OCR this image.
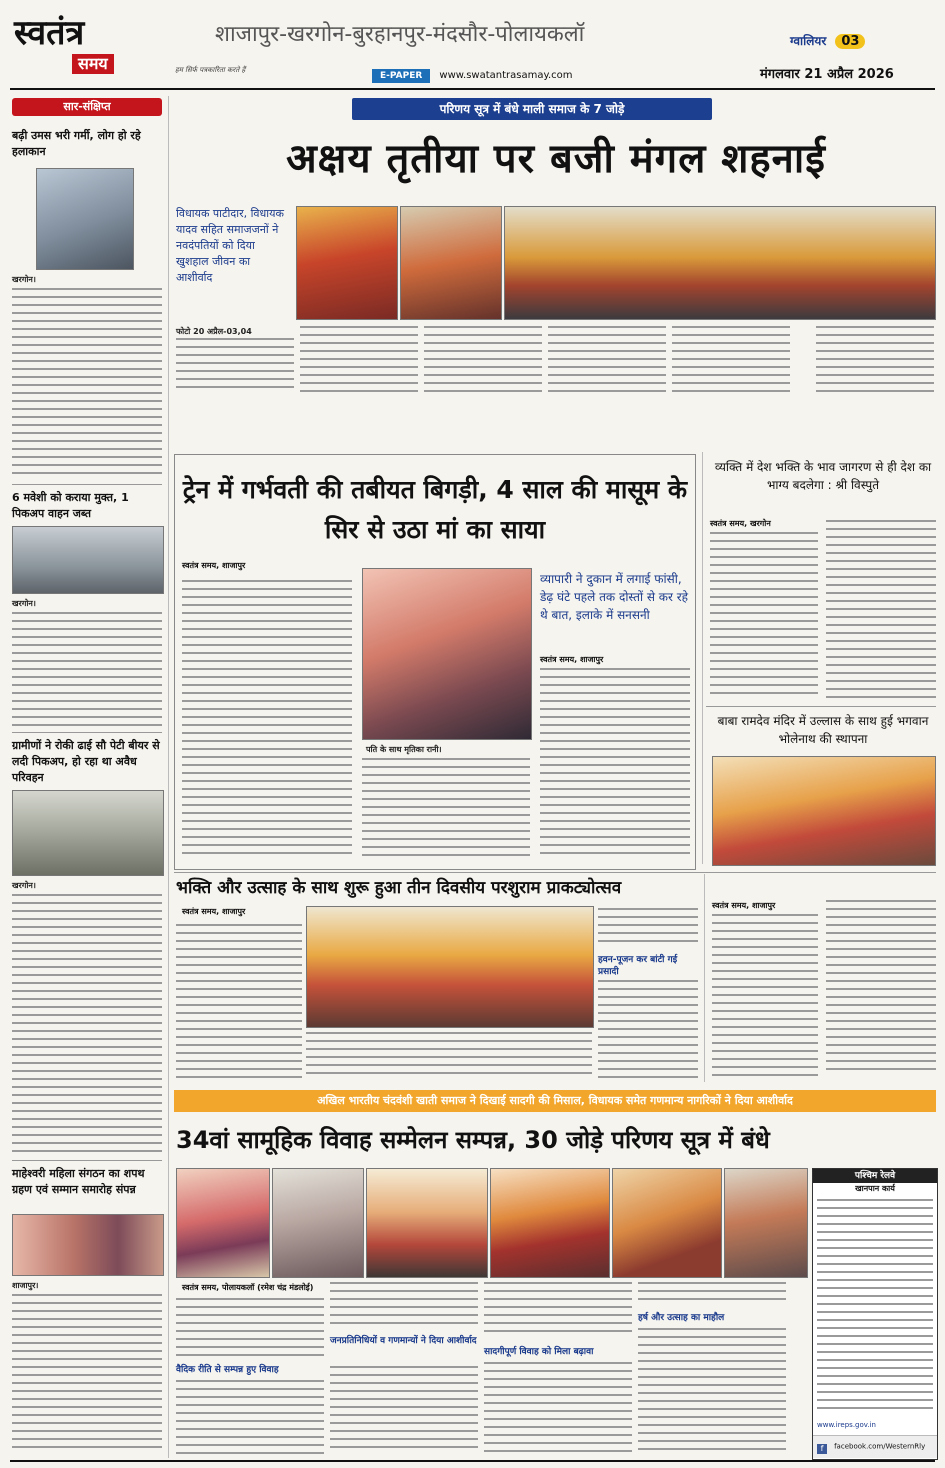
स्वतंत्र
समय	हम सिर्फ पत्रकारिता करते हैं
शाजापुर-खरगोन-बुरहानपुर-मंदसौर-पोलायकलॉ
E-PAPER www.swatantrasamay.com
ग्वालियर 03
मंगलवार 21 अप्रैल 2026
सार-संक्षिप्त
बढ़ी उमस भरी गर्मी, लोग हो रहे हलाकान
खरगोन।
6 मवेशी को कराया मुक्त, 1 पिकअप वाहन जब्त
खरगोन।
ग्रामीणों ने रोकी ढाई सौ पेटी बीयर से लदी पिकअप, हो रहा था अवैध परिवहन
खरगोन।
माहेश्वरी महिला संगठन का शपथ ग्रहण एवं सम्मान समारोह संपन्न
शाजापुर।
परिणय सूत्र में बंधे माली समाज के 7 जोड़े
अक्षय तृतीया पर बजी मंगल शहनाई
विधायक पाटीदार, विधायक यादव सहित समाजजनों ने नवदंपतियों को दिया खुशहाल जीवन का आशीर्वाद
फोटो 20 अप्रैल-03,04
ट्रेन में गर्भवती की तबीयत बिगड़ी, 4 साल की मासूम के सिर से उठा मां का साया
स्वतंत्र समय, शाजापुर
पति के साथ मृतिका रानी।
व्यापारी ने दुकान में लगाई फांसी, डेढ़ घंटे पहले तक दोस्तों से कर रहे थे बात, इलाके में सनसनी
स्वतंत्र समय, शाजापुर
व्यक्ति में देश भक्ति के भाव जागरण से ही देश का भाग्य बदलेगा : श्री विस्पुते
स्वतंत्र समय, खरगोन
बाबा रामदेव मंदिर में उल्लास के साथ हुई भगवान भोलेनाथ की स्थापना
भक्ति और उत्साह के साथ शुरू हुआ तीन दिवसीय परशुराम प्राकट्योत्सव
स्वतंत्र समय, शाजापुर
हवन-पूजन कर बांटी गई प्रसादी
स्वतंत्र समय, शाजापुर
अखिल भारतीय चंदवंशी खाती समाज ने दिखाई सादगी की मिसाल, विधायक समेत गणमान्य नागरिकों ने दिया आशीर्वाद
34वां सामूहिक विवाह सम्मेलन सम्पन्न, 30 जोड़े परिणय सूत्र में बंधे
स्वतंत्र समय, पोलायकलॉ (रमेश चंद्र मंडलोई)
वैदिक रीति से सम्पन्न हुए विवाह
जनप्रतिनिधियों व गणमान्यों ने दिया आशीर्वाद
सादगीपूर्ण विवाह को मिला बढ़ावा
हर्ष और उत्साह का माहौल
पश्चिम रेलवे
खानपान कार्य
www.ireps.gov.in
f facebook.com/WesternRly
